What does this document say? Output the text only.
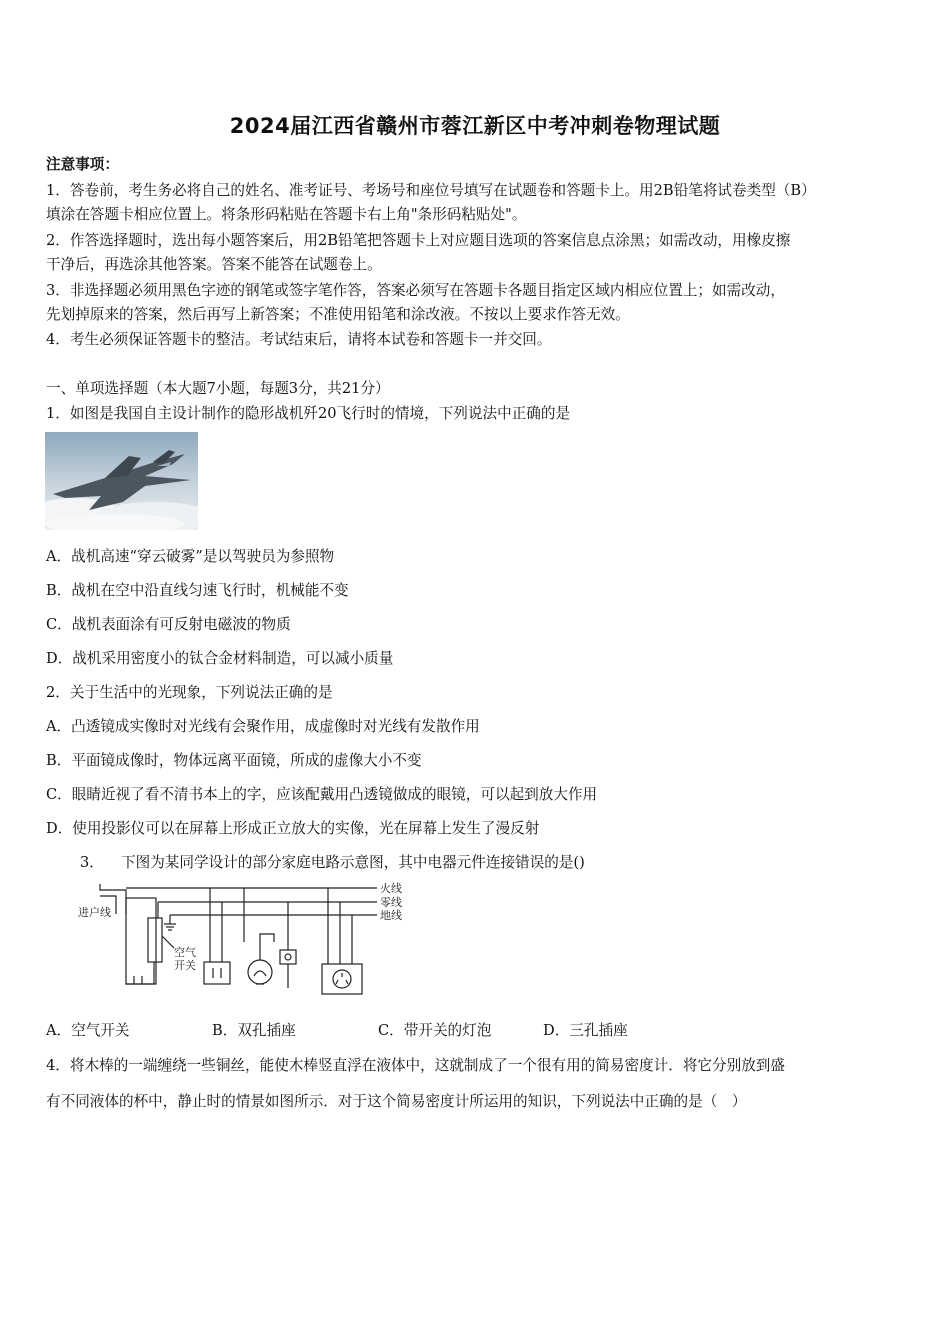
2024届江西省赣州市蓉江新区中考冲刺卷物理试题
注意事项：
1．答卷前，考生务必将自己的姓名、准考证号、考场号和座位号填写在试题卷和答题卡上。用2B铅笔将试卷类型（B）
填涂在答题卡相应位置上。将条形码粘贴在答题卡右上角"条形码粘贴处"。
2．作答选择题时，选出每小题答案后，用2B铅笔把答题卡上对应题目选项的答案信息点涂黑；如需改动，用橡皮擦
干净后，再选涂其他答案。答案不能答在试题卷上。
3．非选择题必须用黑色字迹的钢笔或签字笔作答，答案必须写在答题卡各题目指定区域内相应位置上；如需改动，
先划掉原来的答案，然后再写上新答案；不准使用铅笔和涂改液。不按以上要求作答无效。
4．考生必须保证答题卡的整洁。考试结束后，请将本试卷和答题卡一并交回。
一、单项选择题（本大题7小题，每题3分，共21分）
1．如图是我国自主设计制作的隐形战机歼20飞行时的情境，下列说法中正确的是
A．战机高速“穿云破雾”是以驾驶员为参照物
B．战机在空中沿直线匀速飞行时，机械能不变
C．战机表面涂有可反射电磁波的物质
D．战机采用密度小的钛合金材料制造，可以减小质量
2．关于生活中的光现象，下列说法正确的是
A．凸透镜成实像时对光线有会聚作用，成虚像时对光线有发散作用
B．平面镜成像时，物体远离平面镜，所成的虚像大小不变
C．眼睛近视了看不清书本上的字，应该配戴用凸透镜做成的眼镜，可以起到放大作用
D．使用投影仪可以在屏幕上形成正立放大的实像，光在屏幕上发生了漫反射
3． 下图为某同学设计的部分家庭电路示意图，其中电器元件连接错误的是()
火线
零线
地线
进户线
空气
开关
A．空气开关	B．双孔插座	C．带开关的灯泡	D．三孔插座
4．将木棒的一端缠绕一些铜丝，能使木棒竖直浮在液体中，这就制成了一个很有用的简易密度计．将它分别放到盛
有不同液体的杯中，静止时的情景如图所示．对于这个简易密度计所运用的知识，下列说法中正确的是（　）
